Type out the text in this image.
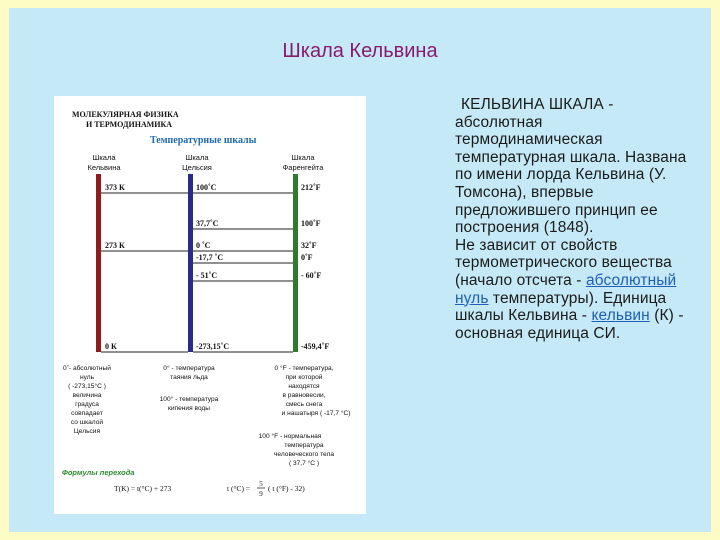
Шкала Кельвина
МОЛЕКУЛЯРНАЯ ФИЗИКА
И ТЕРМОДИНАМИКА
Температурные шкалы
Шкала
Кельвина
Шкала
Цельсия
Шкала
Фаренгейта
373 К
273 К
0 К
100˚С
37,7˚С
0 ˚С
-17,7 ˚С
- 51˚С
-273,15˚С
212˚F
100˚F
32˚F
0˚F
- 60˚F
-459,4˚F
0˚- абсолютный
нуль
( -273,15°С )
величина
градуса
совпадает
со шкалой
Цельсия
0° - температура
таяния льда
100° - температура
кипения воды
0 °F - температура,
при которой
находятся
в равновесии,
смесь снега
и нашатыря ( -17,7 °С)
100 °F - нормальная
температура
человеческого тела
( 37,7 °С )
Формулы перехода
T(K) = t(°C) + 273	t (°C) = 5
9
( t (°F) - 32)

КЕЛЬВИНА ШКАЛА - абсолютная термодинамическая температурная шкала. Названа по имени лорда Кельвина (У. Томсона), впервые предложившего принцип ее построения (1848).

Не зависит от свойств термометрического вещества (начало отсчета - абсолютный нуль температуры). Единица шкалы Кельвина - кельвин (К) - основная единица СИ.
